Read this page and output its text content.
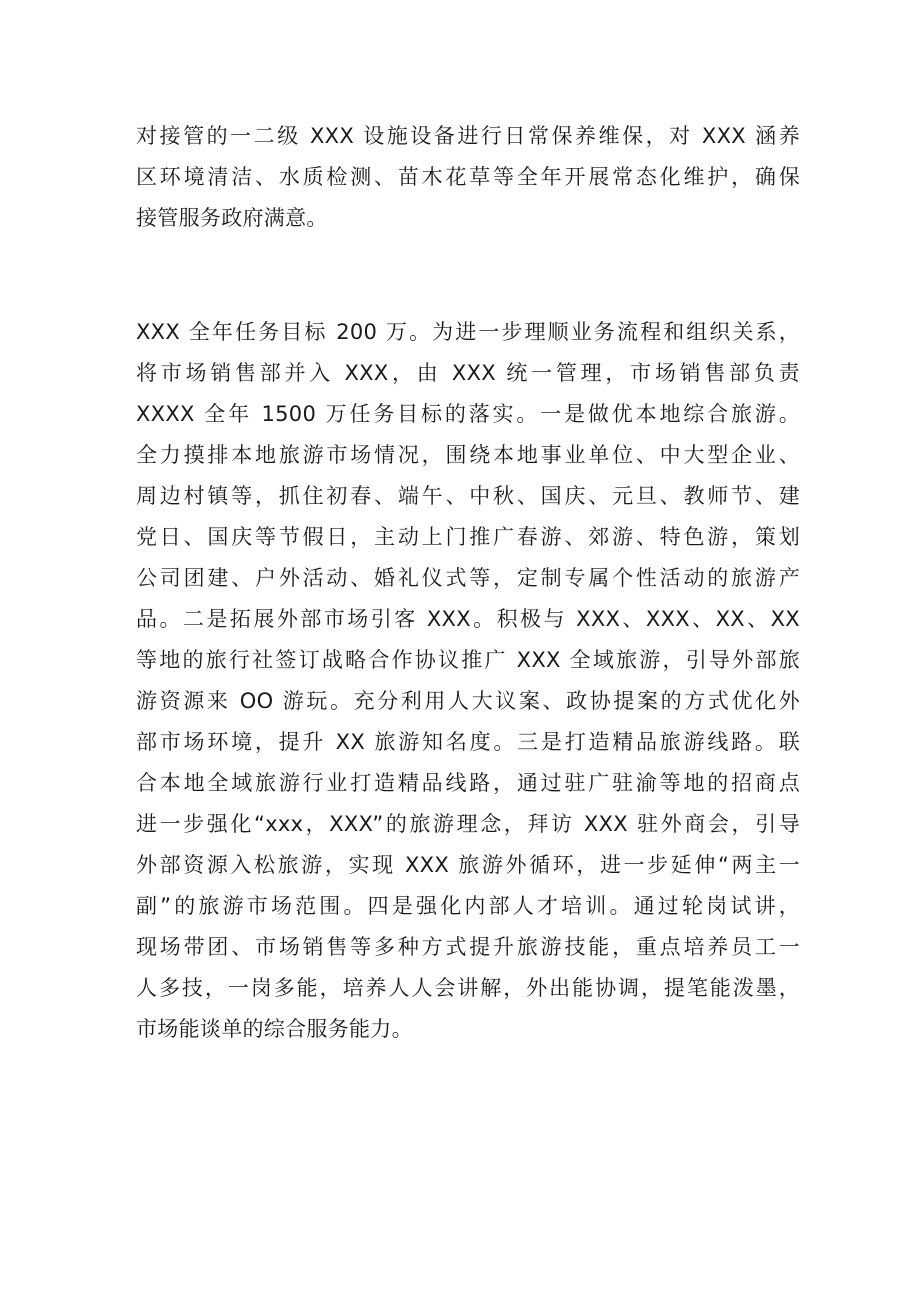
对接管的一二级 XXX 设施设备进行日常保养维保，对 XXX 涵养
区环境清洁、水质检测、苗木花草等全年开展常态化维护，确保
接管服务政府满意。
XXX 全年任务目标 200 万。为进一步理顺业务流程和组织关系，
将市场销售部并入 XXX，由 XXX 统一管理，市场销售部负责
XXXX 全年 1500 万任务目标的落实。一是做优本地综合旅游。
全力摸排本地旅游市场情况，围绕本地事业单位、中大型企业、
周边村镇等，抓住初春、端午、中秋、国庆、元旦、教师节、建
党日、国庆等节假日，主动上门推广春游、郊游、特色游，策划
公司团建、户外活动、婚礼仪式等，定制专属个性活动的旅游产
品。二是拓展外部市场引客 XXX。积极与 XXX、XXX、XX、XX
等地的旅行社签订战略合作协议推广 XXX 全域旅游，引导外部旅
游资源来 OO 游玩。充分利用人大议案、政协提案的方式优化外
部市场环境，提升 XX 旅游知名度。三是打造精品旅游线路。联
合本地全域旅游行业打造精品线路，通过驻广驻渝等地的招商点
进一步强化“xxx，XXX”的旅游理念，拜访 XXX 驻外商会，引导
外部资源入松旅游，实现 XXX 旅游外循环，进一步延伸“两主一
副”的旅游市场范围。四是强化内部人才培训。通过轮岗试讲，
现场带团、市场销售等多种方式提升旅游技能，重点培养员工一
人多技，一岗多能，培养人人会讲解，外出能协调，提笔能泼墨，
市场能谈单的综合服务能力。
